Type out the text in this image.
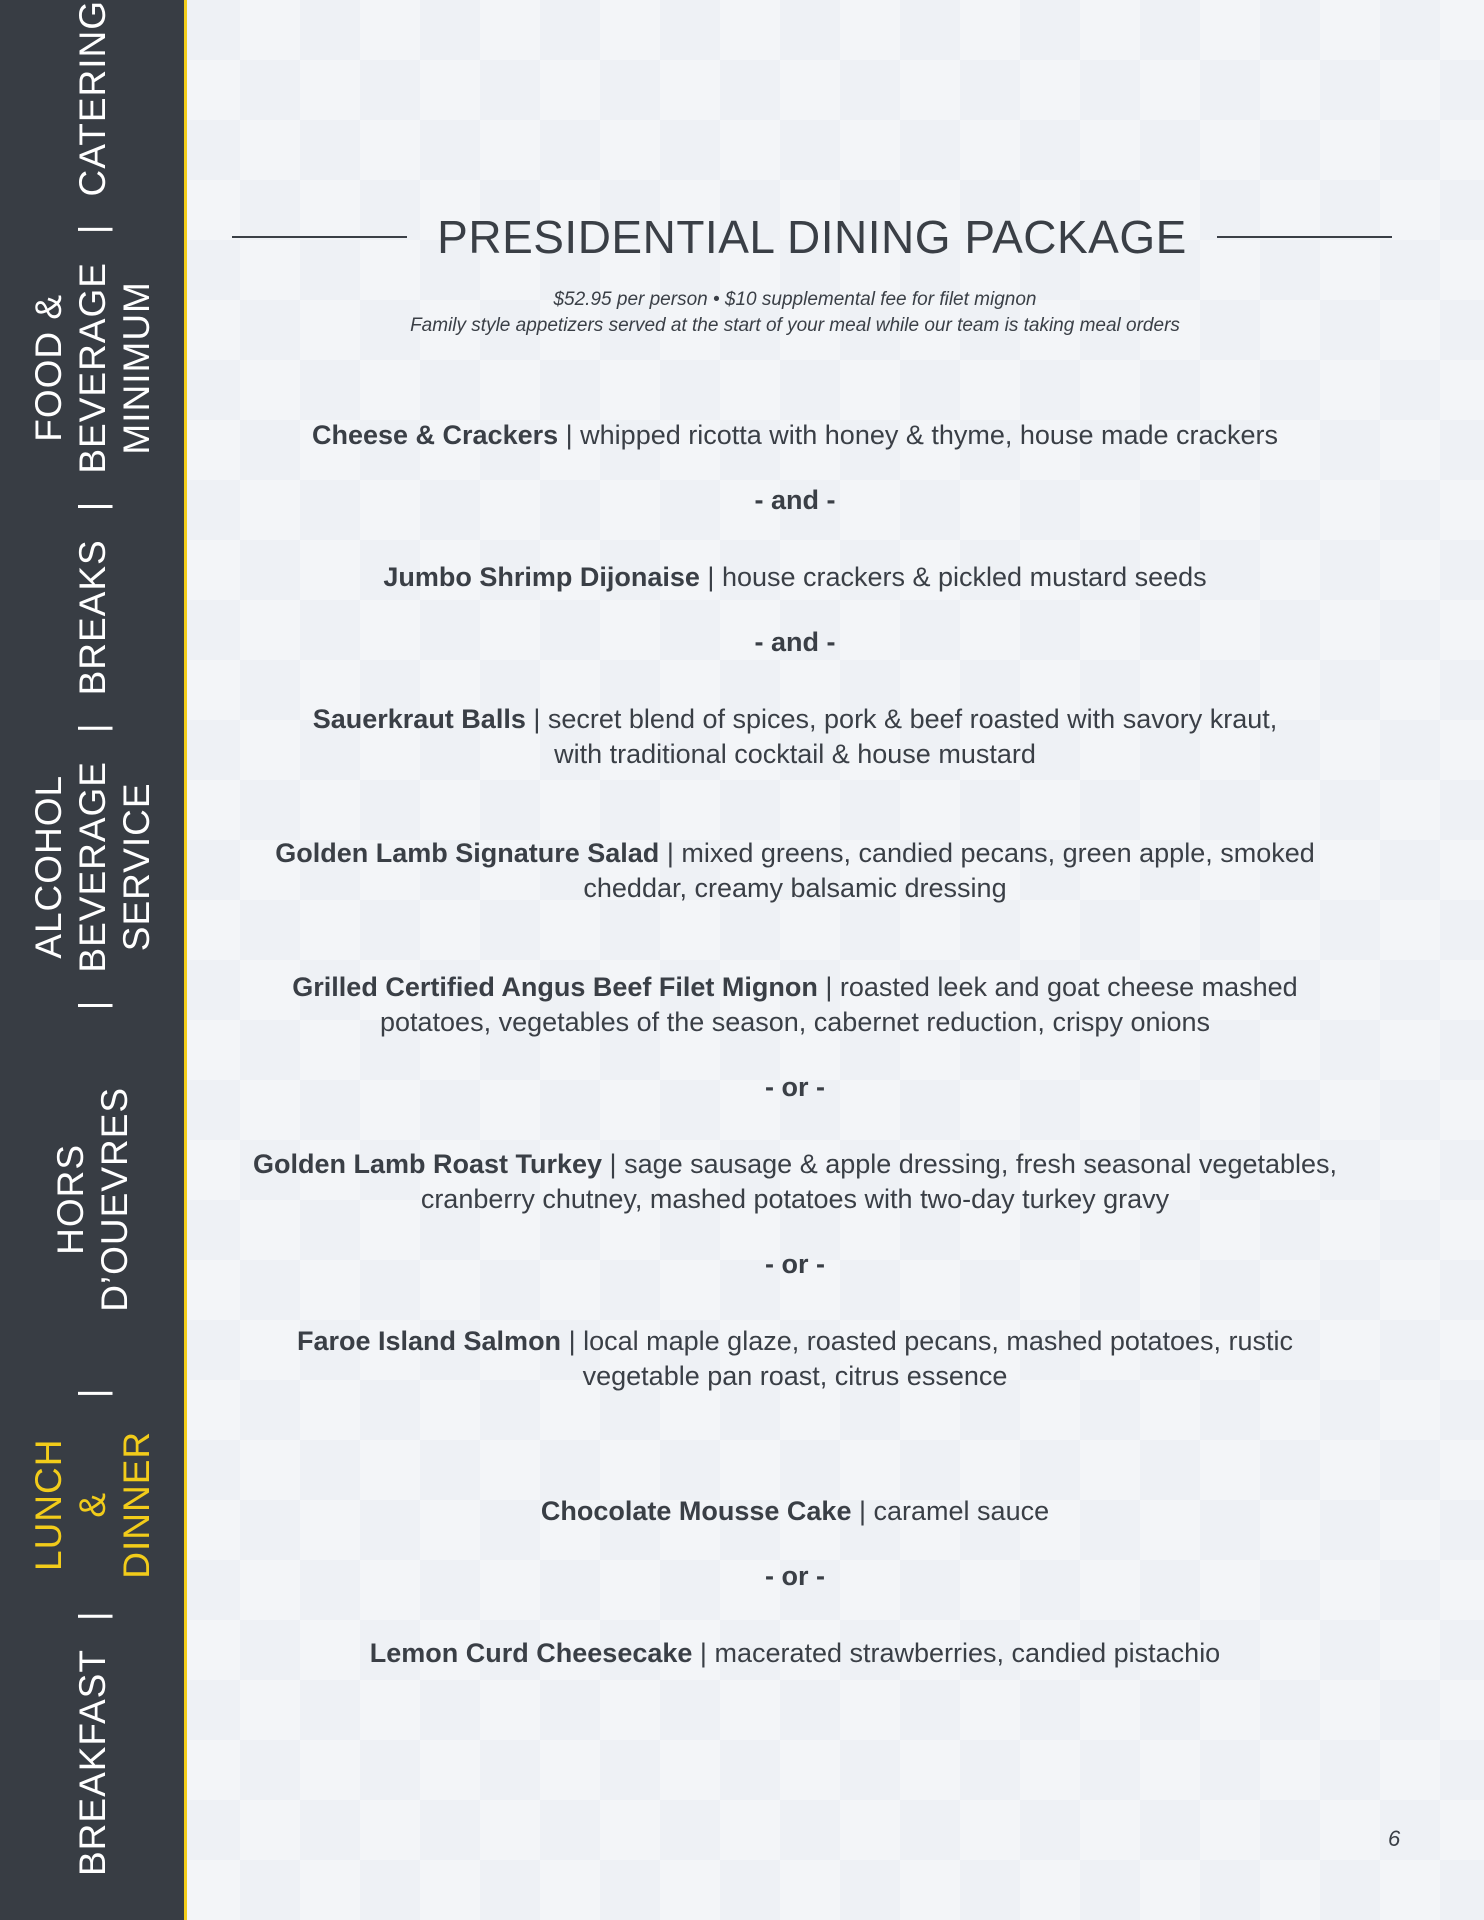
BREAKFAST
|
LUNCH &
DINNER
|
HORS D’OUEVRES
|
ALCOHOL
BEVERAGE
SERVICE
|
BREAKS
|
FOOD &
BEVERAGE
MINIMUM
|
CATERING
PRESIDENTIAL DINING PACKAGE
$52.95 per person • $10 supplemental fee for filet mignon
Family style appetizers served at the start of your meal while our team is taking meal orders
Cheese & Crackers | whipped ricotta with honey & thyme, house made crackers
- and -
Jumbo Shrimp Dijonaise | house crackers & pickled mustard seeds
- and -
Sauerkraut Balls | secret blend of spices, pork & beef roasted with savory kraut, with traditional cocktail & house mustard
Golden Lamb Signature Salad | mixed greens, candied pecans, green apple, smoked cheddar, creamy balsamic dressing
Grilled Certified Angus Beef Filet Mignon | roasted leek and goat cheese mashed potatoes, vegetables of the season, cabernet reduction, crispy onions
- or -
Golden Lamb Roast Turkey | sage sausage & apple dressing, fresh seasonal vegetables, cranberry chutney, mashed potatoes with two-day turkey gravy
- or -
Faroe Island Salmon | local maple glaze, roasted pecans, mashed potatoes, rustic vegetable pan roast, citrus essence
Chocolate Mousse Cake | caramel sauce
- or -
Lemon Curd Cheesecake | macerated strawberries, candied pistachio
6
